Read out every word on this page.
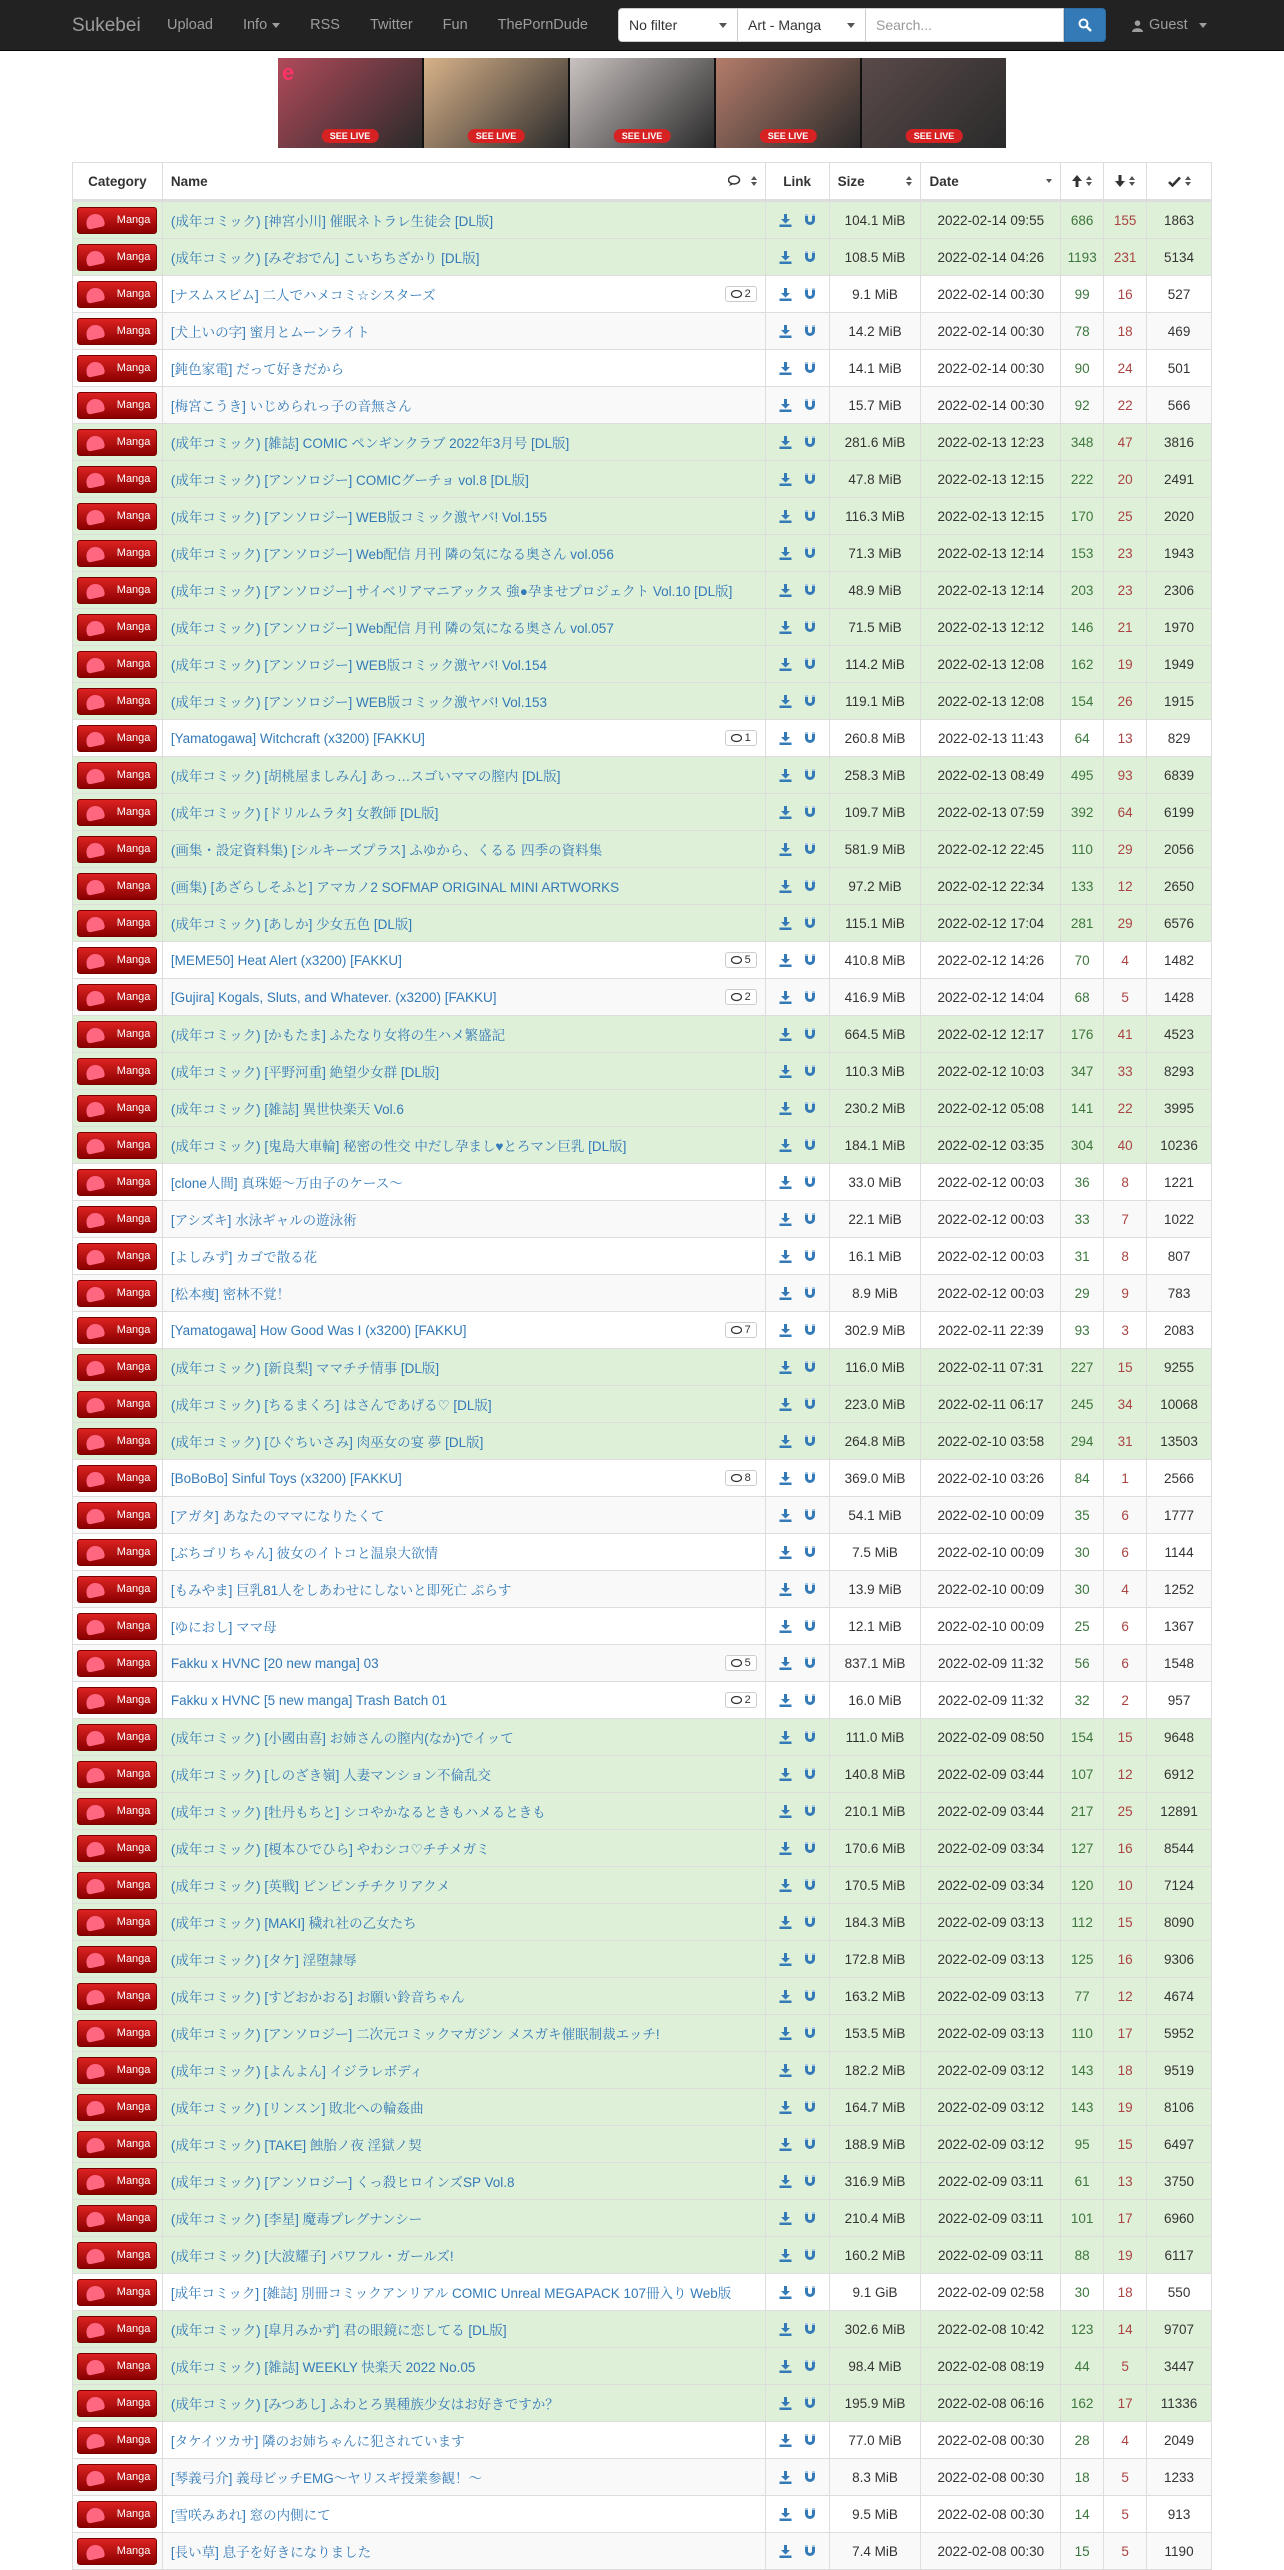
Sukebei	Upload	Info	RSS	Twitter	Fun	ThePornDude	No filter	Art - Manga	Search...	Guest
e
SEE LIVE	SEE LIVE	SEE LIVE	SEE LIVE	SEE LIVE
Category	Name	Link	Size	Date
Manga (成年コミック) [神宮小川] 催眠ネトラレ生徒会 [DL版]	104.1 MiB	2022-02-14 09:55	686	155	1863
Manga (成年コミック) [みぞおでん] こいちちざかり [DL版]	108.5 MiB	2022-02-14 04:26	1193	231	5134
Manga [ナスムスビム] 二人でハメコミ☆シスターズ	2	9.1 MiB	2022-02-14 00:30	99	16	527
Manga [犬上いの字] 蜜月とムーンライト	14.2 MiB	2022-02-14 00:30	78	18	469
Manga [鈍色家電] だって好きだから	14.1 MiB	2022-02-14 00:30	90	24	501
Manga [梅宮こうき] いじめられっ子の音無さん	15.7 MiB	2022-02-14 00:30	92	22	566
Manga (成年コミック) [雑誌] COMIC ペンギンクラブ 2022年3月号 [DL版]	281.6 MiB	2022-02-13 12:23	348	47	3816
Manga (成年コミック) [アンソロジー] COMICグーチョ vol.8 [DL版]	47.8 MiB	2022-02-13 12:15	222	20	2491
Manga (成年コミック) [アンソロジー] WEB版コミック激ヤバ! Vol.155	116.3 MiB	2022-02-13 12:15	170	25	2020
Manga (成年コミック) [アンソロジー] Web配信 月刊 隣の気になる奥さん vol.056	71.3 MiB	2022-02-13 12:14	153	23	1943
Manga (成年コミック) [アンソロジー] サイベリアマニアックス 強●孕ませプロジェクト Vol.10 [DL版]	48.9 MiB	2022-02-13 12:14	203	23	2306
Manga (成年コミック) [アンソロジー] Web配信 月刊 隣の気になる奥さん vol.057	71.5 MiB	2022-02-13 12:12	146	21	1970
Manga (成年コミック) [アンソロジー] WEB版コミック激ヤバ! Vol.154	114.2 MiB	2022-02-13 12:08	162	19	1949
Manga (成年コミック) [アンソロジー] WEB版コミック激ヤバ! Vol.153	119.1 MiB	2022-02-13 12:08	154	26	1915
Manga [Yamatogawa] Witchcraft (x3200) [FAKKU]	1	260.8 MiB	2022-02-13 11:43	64	13	829
Manga (成年コミック) [胡桃屋ましみん] あっ…スゴいママの膣内 [DL版]	258.3 MiB	2022-02-13 08:49	495	93	6839
Manga (成年コミック) [ドリルムラタ] 女教師 [DL版]	109.7 MiB	2022-02-13 07:59	392	64	6199
Manga (画集・設定資料集) [シルキーズプラス] ふゆから、くるる 四季の資料集	581.9 MiB	2022-02-12 22:45	110	29	2056
Manga (画集) [あざらしそふと] アマカノ2 SOFMAP ORIGINAL MINI ARTWORKS	97.2 MiB	2022-02-12 22:34	133	12	2650
Manga (成年コミック) [あしか] 少女五色 [DL版]	115.1 MiB	2022-02-12 17:04	281	29	6576
Manga [MEME50] Heat Alert (x3200) [FAKKU]	5	410.8 MiB	2022-02-12 14:26	70	4	1482
Manga [Gujira] Kogals, Sluts, and Whatever. (x3200) [FAKKU]	2	416.9 MiB	2022-02-12 14:04	68	5	1428
Manga (成年コミック) [かもたま] ふたなり女将の生ハメ繁盛記	664.5 MiB	2022-02-12 12:17	176	41	4523
Manga (成年コミック) [平野河重] 絶望少女群 [DL版]	110.3 MiB	2022-02-12 10:03	347	33	8293
Manga (成年コミック) [雑誌] 異世快楽天 Vol.6	230.2 MiB	2022-02-12 05:08	141	22	3995
Manga (成年コミック) [鬼島大車輪] 秘密の性交 中だし孕まし♥とろマン巨乳 [DL版]	184.1 MiB	2022-02-12 03:35	304	40	10236
Manga [clone人間] 真珠姫〜万由子のケース〜	33.0 MiB	2022-02-12 00:03	36	8	1221
Manga [アシズキ] 水泳ギャルの遊泳術	22.1 MiB	2022-02-12 00:03	33	7	1022
Manga [よしみず] カゴで散る花	16.1 MiB	2022-02-12 00:03	31	8	807
Manga [松本痩] 密林不覚！	8.9 MiB	2022-02-12 00:03	29	9	783
Manga [Yamatogawa] How Good Was I (x3200) [FAKKU]	7	302.9 MiB	2022-02-11 22:39	93	3	2083
Manga (成年コミック) [新良梨] ママチチ情事 [DL版]	116.0 MiB	2022-02-11 07:31	227	15	9255
Manga (成年コミック) [ちるまくろ] はさんであげる♡ [DL版]	223.0 MiB	2022-02-11 06:17	245	34	10068
Manga (成年コミック) [ひぐちいさみ] 肉巫女の宴 夢 [DL版]	264.8 MiB	2022-02-10 03:58	294	31	13503
Manga [BoBoBo] Sinful Toys (x3200) [FAKKU]	8	369.0 MiB	2022-02-10 03:26	84	1	2566
Manga [アガタ] あなたのママになりたくて	54.1 MiB	2022-02-10 00:09	35	6	1777
Manga [ぶちゴリちゃん] 彼女のイトコと温泉大欲情	7.5 MiB	2022-02-10 00:09	30	6	1144
Manga [もみやま] 巨乳81人をしあわせにしないと即死亡 ぷらす	13.9 MiB	2022-02-10 00:09	30	4	1252
Manga [ゆにおし] ママ母	12.1 MiB	2022-02-10 00:09	25	6	1367
Manga Fakku x HVNC [20 new manga] 03	5	837.1 MiB	2022-02-09 11:32	56	6	1548
Manga Fakku x HVNC [5 new manga] Trash Batch 01	2	16.0 MiB	2022-02-09 11:32	32	2	957
Manga (成年コミック) [小國由喜] お姉さんの膣内(なか)でイッて	111.0 MiB	2022-02-09 08:50	154	15	9648
Manga (成年コミック) [しのざき嶺] 人妻マンション不倫乱交	140.8 MiB	2022-02-09 03:44	107	12	6912
Manga (成年コミック) [牡丹もちと] シコやかなるときもハメるときも	210.1 MiB	2022-02-09 03:44	217	25	12891
Manga (成年コミック) [榎本ひでひら] やわシコ♡チチメガミ	170.6 MiB	2022-02-09 03:34	127	16	8544
Manga (成年コミック) [英戦] ピンピンチチクリアクメ	170.5 MiB	2022-02-09 03:34	120	10	7124
Manga (成年コミック) [MAKI] 穢れ社の乙女たち	184.3 MiB	2022-02-09 03:13	112	15	8090
Manga (成年コミック) [タケ] 淫堕隷辱	172.8 MiB	2022-02-09 03:13	125	16	9306
Manga (成年コミック) [すどおかおる] お願い鈴音ちゃん	163.2 MiB	2022-02-09 03:13	77	12	4674
Manga (成年コミック) [アンソロジー] 二次元コミックマガジン メスガキ催眠制裁エッチ!	153.5 MiB	2022-02-09 03:13	110	17	5952
Manga (成年コミック) [よんよん] イジラレボディ	182.2 MiB	2022-02-09 03:12	143	18	9519
Manga (成年コミック) [リンスン] 敗北への輪姦曲	164.7 MiB	2022-02-09 03:12	143	19	8106
Manga (成年コミック) [TAKE] 蝕胎ノ夜 淫獄ノ契	188.9 MiB	2022-02-09 03:12	95	15	6497
Manga (成年コミック) [アンソロジー] くっ殺ヒロインズSP Vol.8	316.9 MiB	2022-02-09 03:11	61	13	3750
Manga (成年コミック) [李星] 魔毒プレグナンシー	210.4 MiB	2022-02-09 03:11	101	17	6960
Manga (成年コミック) [大波耀子] パワフル・ガールズ!	160.2 MiB	2022-02-09 03:11	88	19	6117
Manga [成年コミック] [雑誌] 別冊コミックアンリアル COMIC Unreal MEGAPACK 107冊入り Web版	9.1 GiB	2022-02-09 02:58	30	18	550
Manga (成年コミック) [皐月みかず] 君の眼鏡に恋してる [DL版]	302.6 MiB	2022-02-08 10:42	123	14	9707
Manga (成年コミック) [雑誌] WEEKLY 快楽天 2022 No.05	98.4 MiB	2022-02-08 08:19	44	5	3447
Manga (成年コミック) [みつあし] ふわとろ異種族少女はお好きですか？	195.9 MiB	2022-02-08 06:16	162	17	11336
Manga [タケイツカサ] 隣のお姉ちゃんに犯されています	77.0 MiB	2022-02-08 00:30	28	4	2049
Manga [琴義弓介] 義母ビッチEMG～ヤリスギ授業参観！～	8.3 MiB	2022-02-08 00:30	18	5	1233
Manga [雪咲みあれ] 窓の内側にて	9.5 MiB	2022-02-08 00:30	14	5	913
Manga [長い草] 息子を好きになりました	7.4 MiB	2022-02-08 00:30	15	5	1190
